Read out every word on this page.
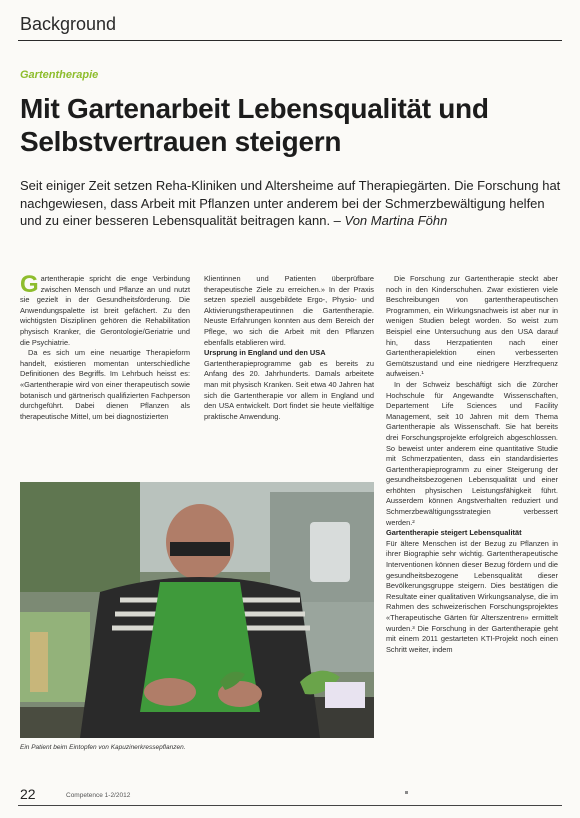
Background
Gartentherapie
Mit Gartenarbeit Lebensqualität und Selbstvertrauen steigern
Seit einiger Zeit setzen Reha-Kliniken und Altersheime auf Therapiegärten. Die Forschung hat nachgewiesen, dass Arbeit mit Pflanzen unter anderem bei der Schmerzbewältigung helfen und zu einer besseren Lebensqualität beitragen kann. – Von Martina Föhn
G artentherapie spricht die enge Verbindung zwischen Mensch und Pflanze an und nutzt sie gezielt in der Gesundheitsförderung. Die Anwendungspalette ist breit gefächert. Zu den wichtigsten Disziplinen gehören die Rehabilitation physisch Kranker, die Gerontologie/Geriatrie und die Psychiatrie.

Da es sich um eine neuartige Therapieform handelt, existieren momentan unterschiedliche Definitionen des Begriffs. Im Lehrbuch heisst es: «Gartentherapie wird von einer therapeutisch sowie botanisch und gärtnerisch qualifizierten Fachperson durchgeführt. Dabei dienen Pflanzen als therapeutische Mittel, um bei diagnostizierten

Klientinnen und Patienten überprüfbare therapeutische Ziele zu erreichen.» In der Praxis setzen speziell ausgebildete Ergo-, Physio- und Aktivierungstherapeutinnen die Gartentherapie. Neuste Erfahrungen konnten aus dem Bereich der Pflege, wo sich die Arbeit mit den Pflanzen ebenfalls etablieren wird.

Ursprung in England und den USA

Gartentherapieprogramme gab es bereits zu Anfang des 20. Jahrhunderts. Damals arbeitete man mit physisch Kranken. Seit etwa 40 Jahren hat sich die Gartentherapie vor allem in England und den USA entwickelt. Dort findet sie heute vielfältige praktische Anwendung.

Die Forschung zur Gartentherapie steckt aber noch in den Kinderschuhen. Zwar existieren viele Beschreibungen von gartentherapeutischen Programmen, ein Wirkungsnachweis ist aber nur in wenigen Studien belegt worden. So weist zum Beispiel eine Untersuchung aus den USA darauf hin, dass Herzpatienten nach einer Gartentherapielektion einen verbesserten Gemütszustand und eine niedrigere Herzfrequenz aufweisen.¹

In der Schweiz beschäftigt sich die Zürcher Hochschule für Angewandte Wissenschaften, Departement Life Sciences und Facility Management, seit 10 Jahren mit dem Thema Gartentherapie als Wissenschaft. Sie hat bereits drei Forschungsprojekte erfolgreich abgeschlossen. So beweist unter anderem eine quantitative Studie mit Schmerzpatienten, dass ein standardisiertes Gartentherapieprogramm zu einer Steigerung der gesundheitsbezogenen Lebensqualität und einer erhöhten physischen Leistungsfähigkeit führt. Ausserdem können Angstverhalten reduziert und Schmerzbewältigungsstrategien verbessert werden.²

Gartentherapie steigert Lebensqualität

Für ältere Menschen ist der Bezug zu Pflanzen in ihrer Biographie sehr wichtig. Gartentherapeutische Interventionen können dieser Bezug fördern und die gesundheitsbezogene Lebensqualität dieser Bevölkerungsgruppe steigern. Dies bestätigen die Resultate einer qualitativen Wirkungsanalyse, die im Rahmen des schweizerischen Forschungsprojektes «Therapeutische Gärten für Alterszentren» ermittelt wurden.³ Die Forschung in der Gartentherapie geht mit einem 2011 gestarteten KTI-Projekt noch einen Schritt weiter, indem

Ein Patient beim Eintopfen von Kapuzinerkressepflanzen.
22	Competence 1-2/2012
